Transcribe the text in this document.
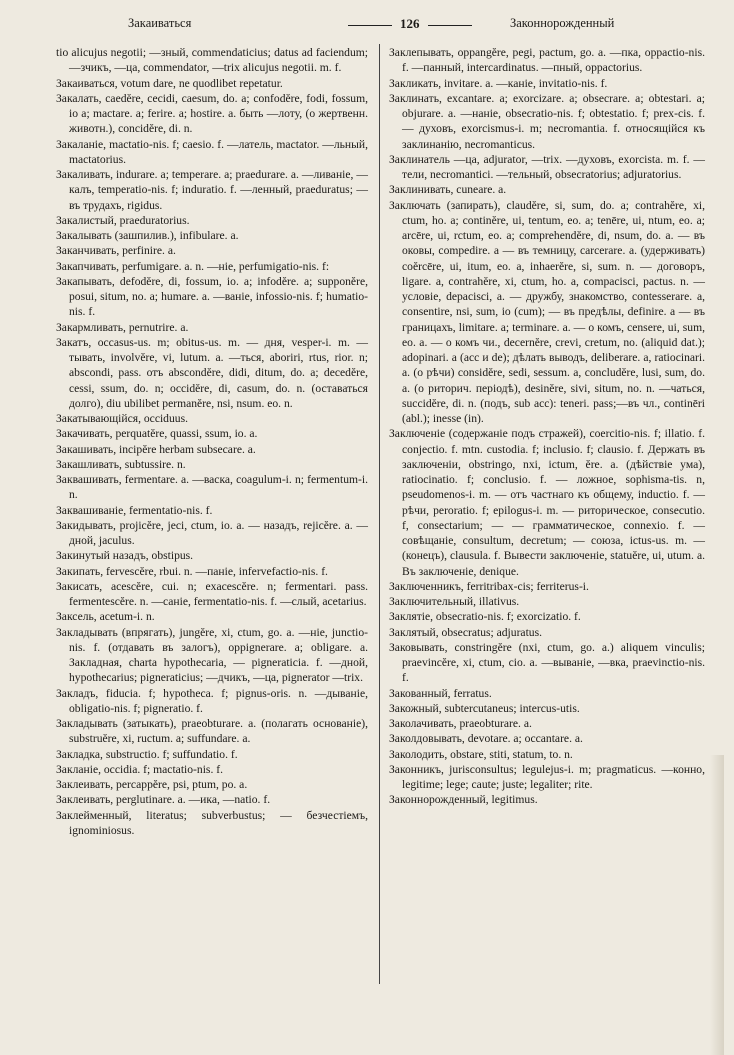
Закаиваться	126	Законнорожденный

tio alicujus negotii; —зный, commendaticius; datus ad faciendum; —зчикъ, —ца, commendator, —trix alicujus negotii. m. f.

Закаиваться, votum dare, ne quodlibet repetatur.

Закалать, caedĕre, cecidi, caesum, do. a; confodĕre, fodi, fossum, io a; mactare. a; ferire. a; hostire. a. быть —лоту, (о жертвенн. животн.), concidĕre, di. n.

Закаланіе, mactatio-nis. f; caesio. f. —латель, mactator. —льный, mactatorius.

Закаливать, indurare. a; temperare. a; praedurare. a. —ливаніе, —калъ, temperatio-nis. f; induratio. f. —ленный, praeduratus; — въ трудахъ, rigidus.

Закалистый, praeduratorius.

Закалывать (зашпилив.), infibulare. a.

Заканчивать, perfinire. a.

Закапчивать, perfumigare. a. n. —ніе, perfumigatio-nis. f:

Закапывать, defodĕre, di, fossum, io. a; infodĕre. a; supponĕre, posui, situm, no. a; humare. a. —ваніе, infossio-nis. f; humatio-nis. f.

Закармливать, pernutrire. a.

Закатъ, occasus-us. m; obitus-us. m. — дня, vesper-i. m. —тывать, involvĕre, vi, lutum. a. —ться, aboriri, rtus, rior. n; abscondi, pass. отъ abscondĕre, didi, ditum, do. a; decedĕre, cessi, ssum, do. n; occidĕre, di, casum, do. n. (оставаться долго), diu ubilibet permanĕre, nsi, nsum. eo. n.

Закатывающійся, occiduus.

Закачивать, perquatĕre, quassi, ssum, io. a.

Закашивать, incipĕre herbam subsecare. a.

Закашливать, subtussire. n.

Заквашивать, fermentare. a. —васка, coagulum-i. n; fermentum-i. n.

Заквашиваніе, fermentatio-nis. f.

Закидывать, projicĕre, jeci, ctum, io. a. — назадъ, rejicĕre. a. —дной, jaculus.

Закинутый назадъ, obstipus.

Закипать, fervescĕre, rbui. n. —паніе, infervefactio-nis. f.

Закисать, acescĕre, cui. n; exacescĕre. n; fermentari. pass. fermentescĕre. n. —саніе, fermentatio-nis. f. —слый, acetarius.

Заксель, acetum-i. n.

Закладывать (впрягать), jungĕre, xi, ctum, go. a. —ніе, junctio-nis. f. (отдавать въ залогъ), oppignerare. a; obligare. a. Закладная, charta hypothecaria, — pigneraticia. f. —дной, hypothecarius; pigneraticius; —дчикъ, —ца, pignerator —trix.

Закладъ, fiducia. f; hypotheca. f; pignus-oris. n. —дываніе, obligatio-nis. f; pigneratio. f.

Закладывать (затыкать), praeobturare. a. (полагать основаніе), substruĕre, xi, ructum. a; suffundare. a.

Закладка, substructio. f; suffundatio. f.

Закланіе, occidia. f; mactatio-nis. f.

Заклеивать, perсарpĕre, psi, ptum, po. a.

Заклеивать, perglutinare. a. —ика, —natio. f.

Заклейменный, literatus; subverbustus; — безчестіемъ, ignominiosus.

Заклепывать, oppangĕre, pegi, pactum, go. a. —пка, oppactio-nis. f. —панный, intercardinatus. —пный, oppactorius.

Закликать, invitare. a. —каніе, invitatio-nis. f.

Заклинать, excantare. a; exorcizare. a; obsecrare. a; obtestari. a; objurare. a. —наніе, obsecratio-nis. f; obtestatio. f; prex-cis. f. — духовъ, exorcismus-i. m; necromantia. f. относящійся къ заклинанію, necromanticus.

Заклинатель —ца, adjurator, —trix. —духовъ, exorcista. m. f. —тели, necromantici. —тельный, obsecratorius; adjuratorius.

Заклинивать, cuneare. a.

Заключать (запирать), claudĕre, si, sum, do. a; contrahĕre, xi, ctum, ho. a; continĕre, ui, tentum, eo. a; tenēre, ui, ntum, eo. a; arcēre, ui, rctum, eo. a; comprehendĕre, di, nsum, do. a. — въ оковы, compedire. a — въ темницу, carcerare. a. (удерживать) coĕrcēre, ui, itum, eo. a, inhaerĕre, si, sum. n. — договоръ, ligare. a, contrahĕre, xi, ctum, ho. a, compacisci, pactus. n. — условіе, depacisci, a. — дружбу, знакомство, contesserare. a, consentire, nsi, sum, io (cum); — въ предѣлы, definire. a — въ границахъ, limitare. a; terminare. a. — о комъ, censere, ui, sum, eo. a. — о комъ чи., decernĕre, crevi, cretum, no. (aliquid dat.); adopinari. a (acc и de); дѣлать выводъ, deliberare. a, ratiocinari. a. (о рѣчи) considĕre, sedi, sessum. a, concludĕre, lusi, sum, do. a. (о риторич. періодѣ), desinĕre, sivi, situm, no. n. —чаться, succidĕre, di. n. (подъ, sub acc): teneri. pass;—въ чл., continēri (abl.); inesse (in).

Заключеніе (содержаніе подъ стражей), coercitio-nis. f; illatio. f. conjectio. f. mtn. custodia. f; inclusio. f; clausio. f. Держать въ заключеніи, obstringo, nxi, ictum, ĕre. a. (дѣйствіе ума), ratiocinatio. f; conclusio. f. — ложное, sophisma-tis. n, pseudomenos-i. m. — отъ частнаго къ общему, inductio. f. — рѣчи, peroratio. f; epilogus-i. m. — риторическое, consecutio. f, consectarium; — — грамматическое, connexio. f. —совѣщаніе, consultum, decretum; — союза, ictus-us. m. — (конецъ), clausula. f. Вывести заключеніе, statuĕre, ui, utum. a. Въ заключеніе, denique.

Заключенникъ, ferritribax-cis; ferriterus-i.

Заключительный, illativus.

Заклятіе, obsecratio-nis. f; exorcizatio. f.

Заклятый, obsecratus; adjuratus.

Заковывать, constringĕre (nxi, ctum, go. a.) aliquem vinculis; praevincĕre, xi, ctum, cio. a. —вываніе, —вка, praevinctio-nis. f.

Закованный, ferratus.

Закожный, subtercutaneus; intercus-utis.

Заколачивать, praeobturare. a.

Заколдовывать, devotare. a; occantare. a.

Заколодить, obstare, stiti, statum, to. n.

Законникъ, jurisconsultus; legulejus-i. m; pragmaticus. —конно, legitime; lege; caute; juste; legaliter; rite.

Законнорожденный, legitimus.
